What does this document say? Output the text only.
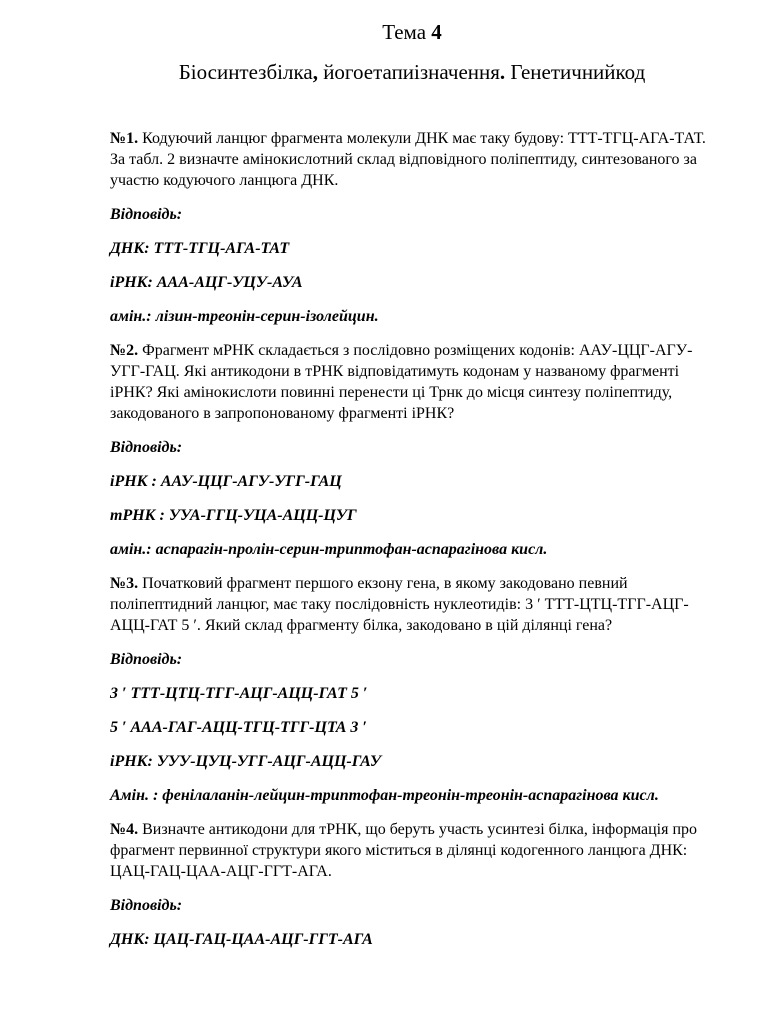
Тема 4
Біосинтезбілка, йогоетапиізначення. Генетичнийкод

№1. Кодуючий ланцюг фрагмента молекули ДНК має таку будову: ТТТ-ТГЦ-АГА-ТАТ. За табл. 2 визначте амінокислотний склад відповідного поліпептиду, синтезованого за участю кодуючого ланцюга ДНК.

Відповідь:

ДНК: ТТТ-ТГЦ-АГА-ТАТ

іРНК: ААА-АЦГ-УЦУ-АУА

амін.: лізин-треонін-серин-ізолейцин.

№2. Фрагмент мРНК складається з послідовно розміщених кодонів: ААУ-ЦЦГ-АГУ-УГГ-ГАЦ. Які антикодони в тРНК відповідатимуть кодонам у названому фрагменті іРНК? Які амінокислоти повинні перенести ці Трнк до місця синтезу поліпептиду, закодованого в запропонованому фрагменті іРНК?

Відповідь:

іРНК : ААУ-ЦЦГ-АГУ-УГГ-ГАЦ

тРНК : УУА-ГГЦ-УЦА-АЦЦ-ЦУГ

амін.: аспарагін-пролін-серин-триптофан-аспарагінова кисл.

№3. Початковий фрагмент першого екзону гена, в якому закодовано певний поліпептидний ланцюг, має таку послідовність нуклеотидів: 3 ′ ТТТ-ЦТЦ-ТГГ-АЦГ-АЦЦ-ГАТ 5 ′. Який склад фрагменту білка, закодовано в цій ділянці гена?

Відповідь:

3 ′ ТТТ-ЦТЦ-ТГГ-АЦГ-АЦЦ-ГАТ 5 ′

5 ′ ААА-ГАГ-АЦЦ-ТГЦ-ТГГ-ЦТА 3 ′

іРНК: УУУ-ЦУЦ-УГГ-АЦГ-АЦЦ-ГАУ

Амін. : фенілаланін-лейцин-триптофан-треонін-треонін-аспарагінова кисл.

№4. Визначте антикодони для тРНК, що беруть участь усинтезі білка, інформація про фрагмент первинної структури якого міститься в ділянці кодогенного ланцюга ДНК: ЦАЦ-ГАЦ-ЦАА-АЦГ-ГГТ-АГА.

Відповідь:

ДНК: ЦАЦ-ГАЦ-ЦАА-АЦГ-ГГТ-АГА
